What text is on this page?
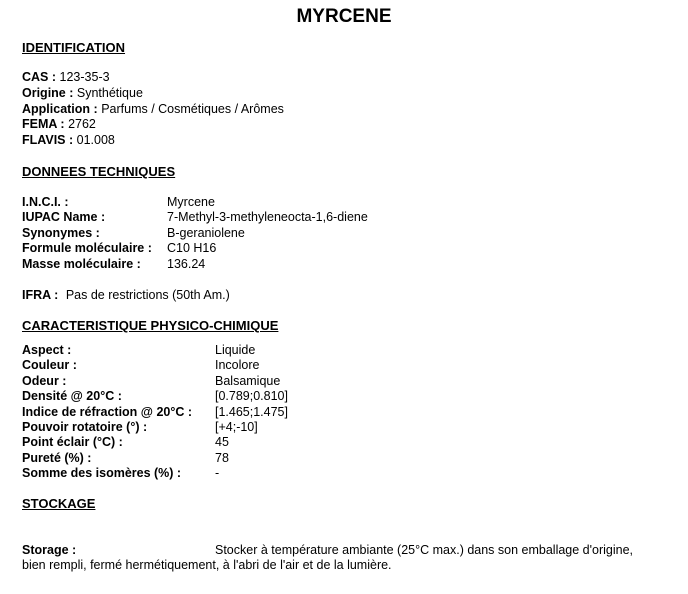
MYRCENE
IDENTIFICATION
CAS : 123-35-3
Origine : Synthétique
Application : Parfums / Cosmétiques / Arômes
FEMA : 2762
FLAVIS : 01.008
DONNEES TECHNIQUES
I.N.C.I. :	Myrcene
IUPAC Name :	7-Methyl-3-methyleneocta-1,6-diene
Synonymes :	B-geraniolene
Formule moléculaire : C10 H16
Masse moléculaire : 136.24
IFRA : Pas de restrictions (50th Am.)
CARACTERISTIQUE PHYSICO-CHIMIQUE
Aspect :	Liquide
Couleur :	Incolore
Odeur :	Balsamique
Densité @ 20°C :	[0.789;0.810]
Indice de réfraction @ 20°C : [1.465;1.475]
Pouvoir rotatoire (°) :	[+4;-10]
Point éclair (°C) :	45
Pureté (%) :	78
Somme des isomères (%) :	-
STOCKAGE
Storage :	Stocker à température ambiante (25°C max.) dans son emballage d'origine,
bien rempli, fermé hermétiquement, à l'abri de l'air et de la lumière.
